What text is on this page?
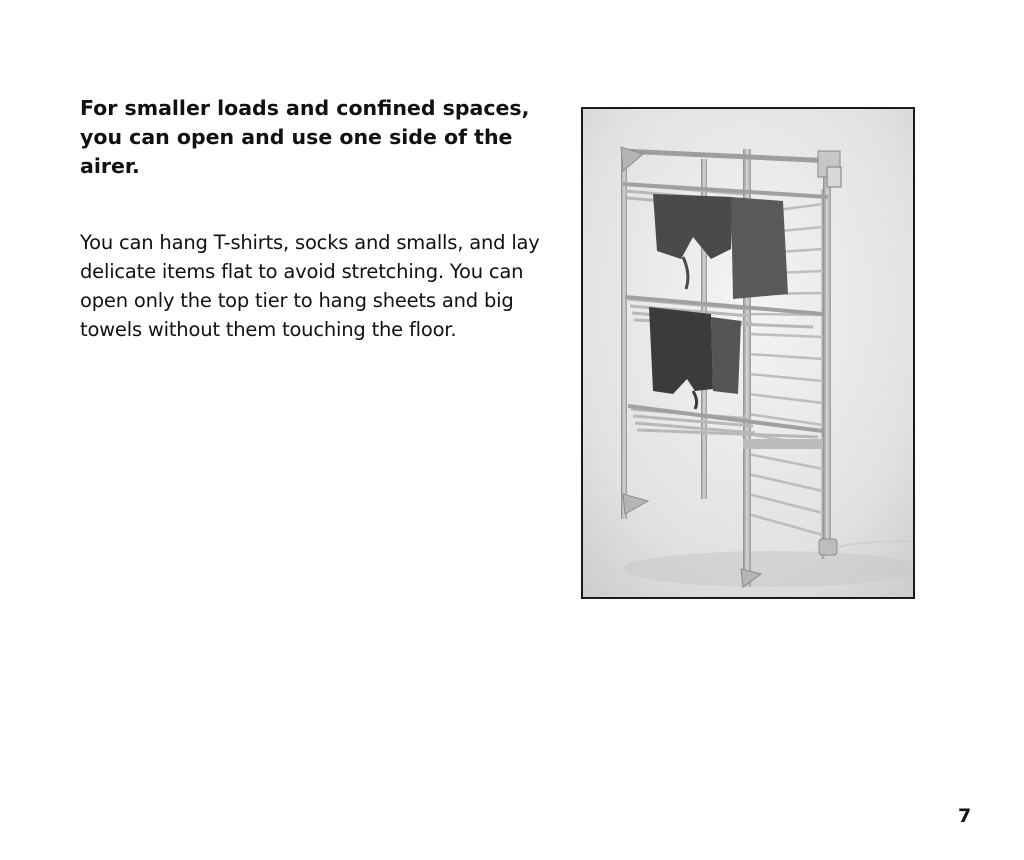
For smaller loads and confined spaces, you can open and use one side of the airer.

You can hang T-shirts, socks and smalls, and lay delicate items flat to avoid stretching. You can open only the top tier to hang sheets and big towels without them touching the floor.

7
